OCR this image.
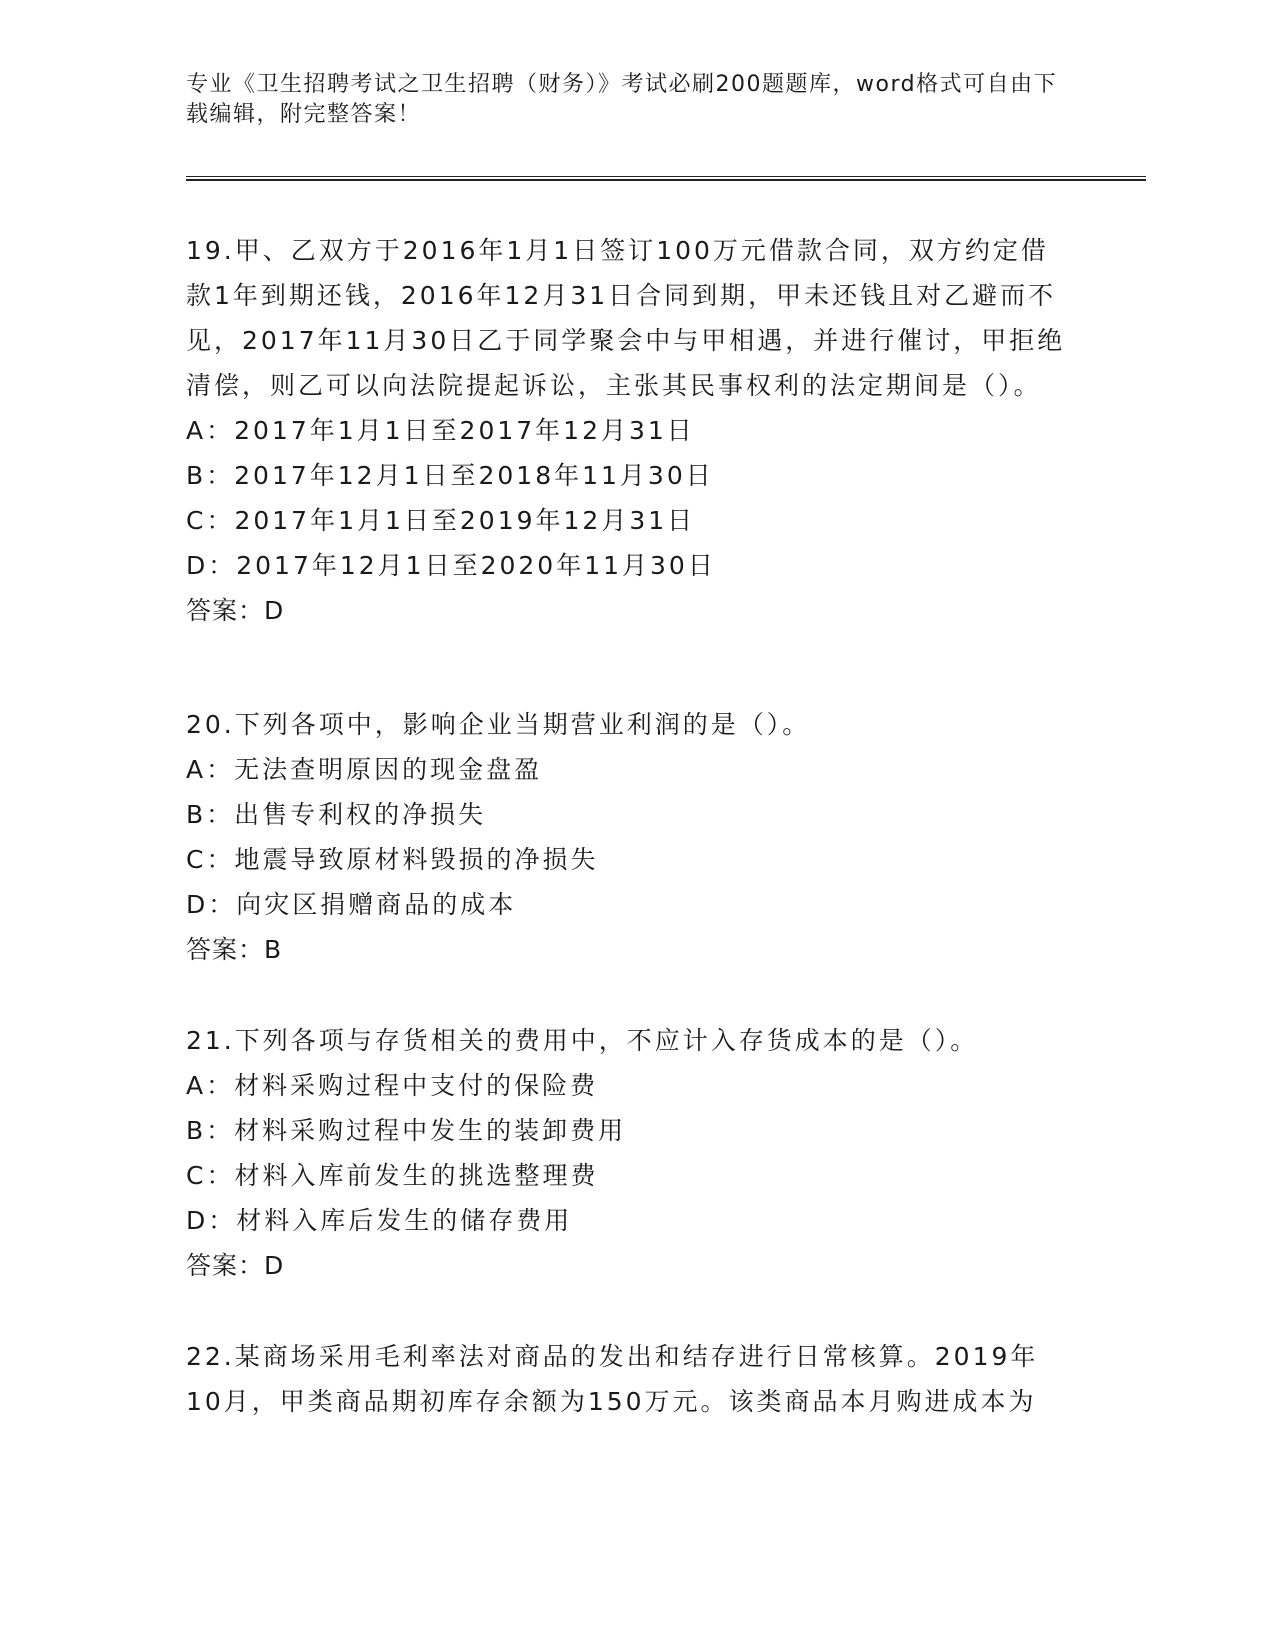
专业《卫生招聘考试之卫生招聘（财务）》考试必刷200题题库，word格式可自由下载编辑，附完整答案！
19.甲、乙双方于2016年1月1日签订100万元借款合同，双方约定借款1年到期还钱，2016年12月31日合同到期，甲未还钱且对乙避而不见，2017年11月30日乙于同学聚会中与甲相遇，并进行催讨，甲拒绝清偿，则乙可以向法院提起诉讼，主张其民事权利的法定期间是（）。
A：2017年1月1日至2017年12月31日
B：2017年12月1日至2018年11月30日
C：2017年1月1日至2019年12月31日
D：2017年12月1日至2020年11月30日
答案：D
20.下列各项中，影响企业当期营业利润的是（）。
A：无法查明原因的现金盘盈
B：出售专利权的净损失
C：地震导致原材料毁损的净损失
D：向灾区捐赠商品的成本
答案：B
21.下列各项与存货相关的费用中，不应计入存货成本的是（）。
A：材料采购过程中支付的保险费
B：材料采购过程中发生的装卸费用
C：材料入库前发生的挑选整理费
D：材料入库后发生的储存费用
答案：D
22.某商场采用毛利率法对商品的发出和结存进行日常核算。2019年10月，甲类商品期初库存余额为150万元。该类商品本月购进成本为
